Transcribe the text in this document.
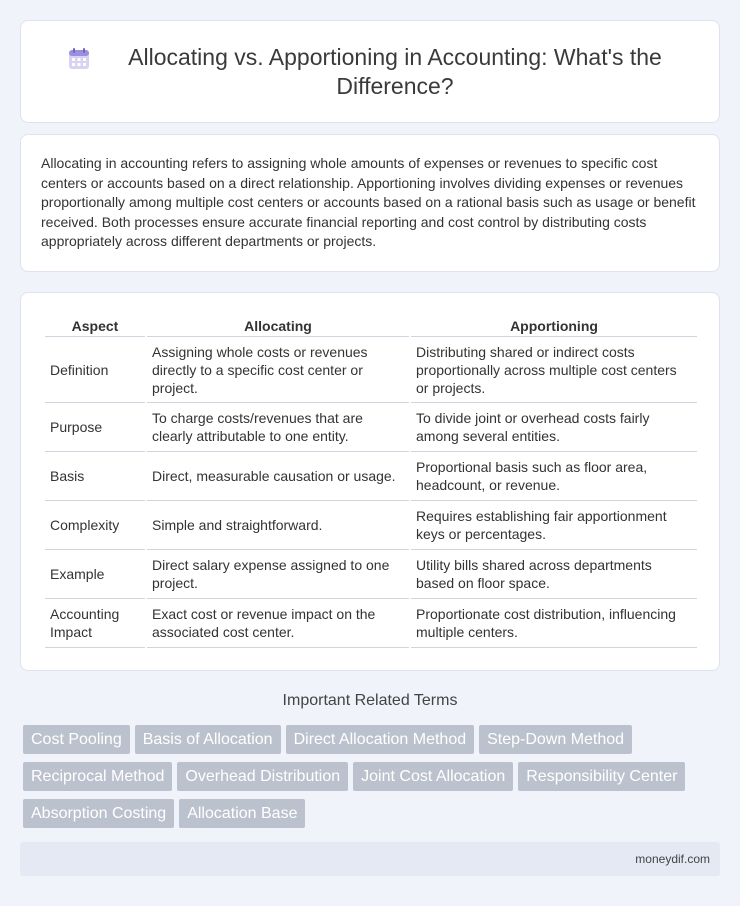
Allocating vs. Apportioning in Accounting: What's the Difference?

Allocating in accounting refers to assigning whole amounts of expenses or revenues to specific cost centers or accounts based on a direct relationship. Apportioning involves dividing expenses or revenues proportionally among multiple cost centers or accounts based on a rational basis such as usage or benefit received. Both processes ensure accurate financial reporting and cost control by distributing costs appropriately across different departments or projects.

Aspect	Allocating	Apportioning
Definition	Assigning whole costs or revenues directly to a specific cost center or project.	Distributing shared or indirect costs proportionally across multiple cost centers or projects.
Purpose	To charge costs/revenues that are clearly attributable to one entity.	To divide joint or overhead costs fairly among several entities.
Basis	Direct, measurable causation or usage.	Proportional basis such as floor area, headcount, or revenue.
Complexity	Simple and straightforward.	Requires establishing fair apportionment keys or percentages.
Example	Direct salary expense assigned to one project.	Utility bills shared across departments based on floor space.
Accounting Impact	Exact cost or revenue impact on the associated cost center.	Proportionate cost distribution, influencing multiple centers.
Important Related Terms
Cost Pooling Basis of Allocation Direct Allocation Method Step-Down MethodReciprocal Method Overhead Distribution Joint Cost Allocation Responsibility CenterAbsorption Costing Allocation Base
moneydif.com
